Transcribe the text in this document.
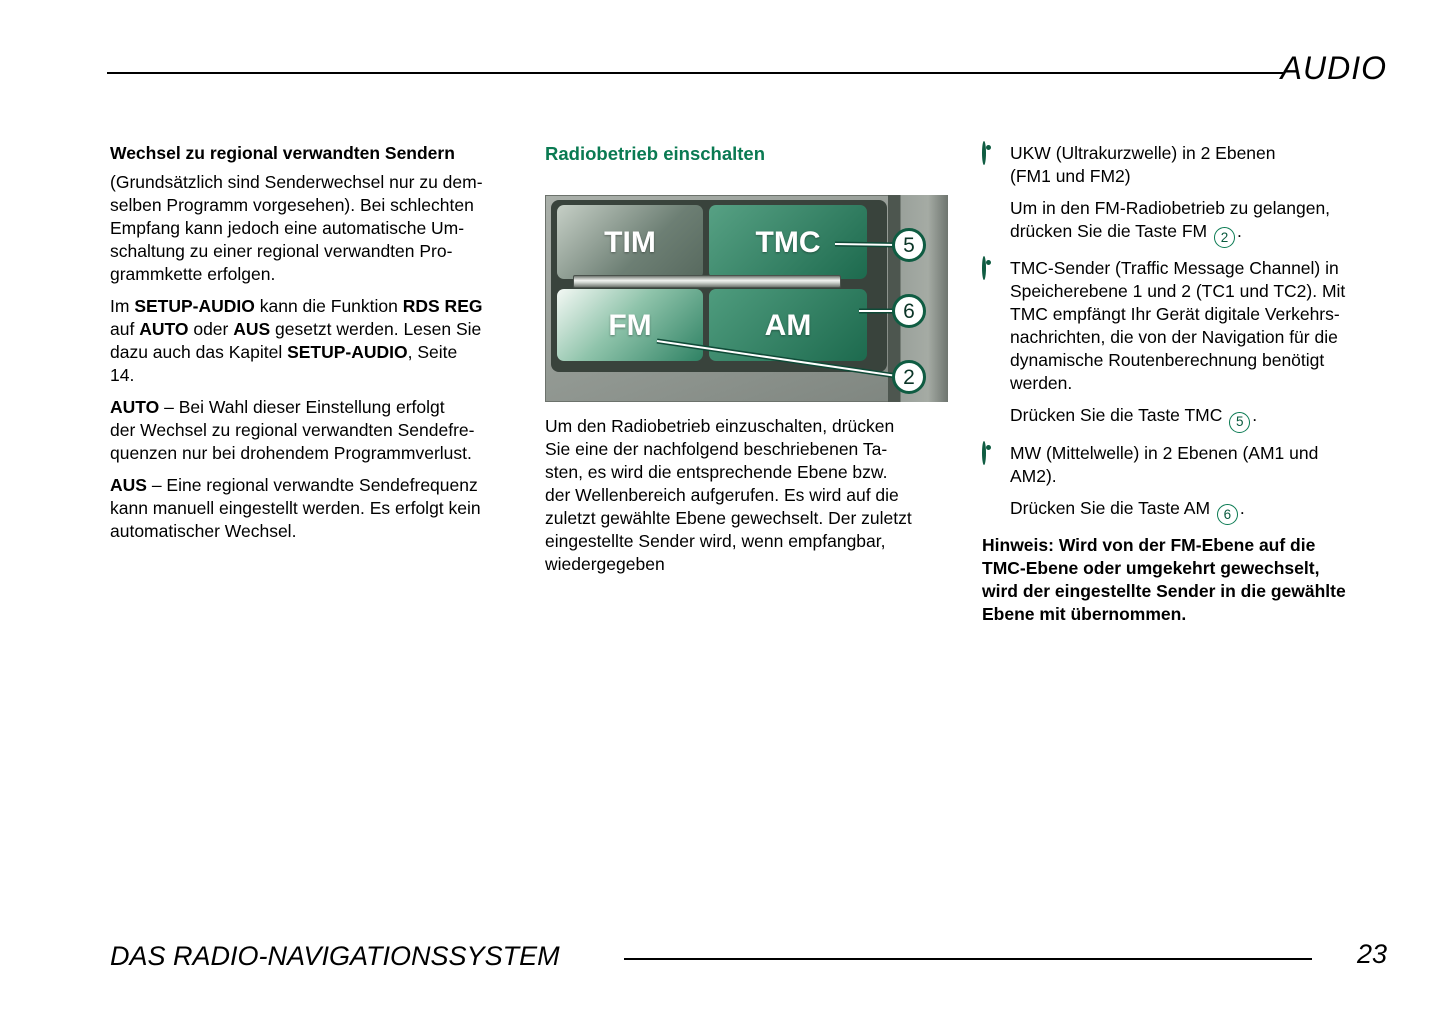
AUDIO
Wechsel zu regional verwandten Sendern

(Grundsätzlich sind Senderwechsel nur zu dem-
selben Programm vorgesehen). Bei schlechten
Empfang kann jedoch eine automatische Um-
schaltung zu einer regional verwandten Pro-
grammkette erfolgen.

Im SETUP-AUDIO kann die Funktion RDS REG
auf AUTO oder AUS gesetzt werden. Lesen Sie
dazu auch das Kapitel SETUP-AUDIO, Seite
14.

AUTO – Bei Wahl dieser Einstellung erfolgt
der Wechsel zu regional verwandten Sendefre-
quenzen nur bei drohendem Programmverlust.

AUS – Eine regional verwandte Sendefrequenz
kann manuell eingestellt werden. Es erfolgt kein
automatischer Wechsel.

Radiobetrieb einschalten
TIM	TMC
FM	AM
5
6
2

Um den Radiobetrieb einzuschalten, drücken
Sie eine der nachfolgend beschriebenen Ta-
sten, es wird die entsprechende Ebene bzw.
der Wellenbereich aufgerufen. Es wird auf die
zuletzt gewählte Ebene gewechselt. Der zuletzt
eingestellte Sender wird, wenn empfangbar,
wiedergegeben

UKW (Ultrakurzwelle) in 2 Ebenen
(FM1 und FM2)
Um in den FM-Radiobetrieb zu gelangen,
drücken Sie die Taste FM 2 .
TMC-Sender (Traffic Message Channel) in
Speicherebene 1 und 2 (TC1 und TC2). Mit
TMC empfängt Ihr Gerät digitale Verkehrs-
nachrichten, die von der Navigation für die
dynamische Routenberechnung benötigt
werden.
Drücken Sie die Taste TMC 5 .
MW (Mittelwelle) in 2 Ebenen (AM1 und
AM2).
Drücken Sie die Taste AM 6 .

Hinweis: Wird von der FM-Ebene auf die
TMC-Ebene oder umgekehrt gewechselt,
wird der eingestellte Sender in die gewählte
Ebene mit übernommen.

DAS RADIO-NAVIGATIONSSYSTEM	23
